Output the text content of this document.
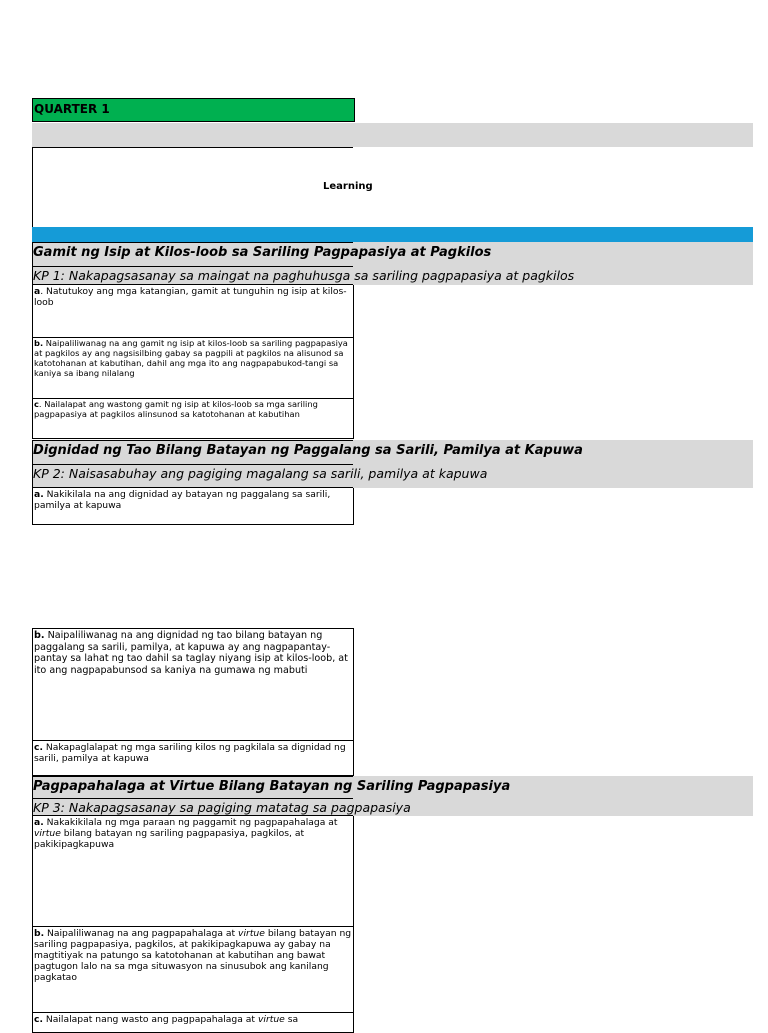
QUARTER 1
Learning
Gamit ng Isip at Kilos-loob sa Sariling Pagpapasiya at Pagkilos
KP 1: Nakapagsasanay sa maingat na paghuhusga sa sariling pagpapasiya at pagkilos
a. Natutukoy ang mga katangian, gamit at tunguhin ng isip at kilos-loob
b. Naipaliliwanag na ang gamit ng isip at kilos-loob sa sariling pagpapasiya at pagkilos ay ang nagsisilbing gabay sa pagpili at pagkilos na alisunod sa katotohanan at kabutihan, dahil ang mga ito ang nagpapabukod-tangi sa kaniya sa ibang nilalang
c. Nailalapat ang wastong gamit ng isip at kilos-loob sa mga sariling pagpapasiya at pagkilos alinsunod sa katotohanan at kabutihan
Dignidad ng Tao Bilang Batayan ng Paggalang sa Sarili, Pamilya at Kapuwa
KP 2: Naisasabuhay ang pagiging magalang sa sarili, pamilya at kapuwa
a. Nakikilala na ang dignidad ay batayan ng paggalang sa sarili, pamilya at kapuwa
b. Naipaliliwanag na ang dignidad ng tao bilang batayan ng paggalang sa sarili, pamilya, at kapuwa ay ang nagpapantay-pantay sa lahat ng tao dahil sa taglay niyang isip at kilos-loob, at ito ang nagpapabunsod sa kaniya na gumawa ng mabuti
c. Nakapaglalapat ng mga sariling kilos ng pagkilala sa dignidad ng sarili, pamilya at kapuwa
Pagpapahalaga at Virtue Bilang Batayan ng Sariling Pagpapasiya
KP 3: Nakapagsasanay sa pagiging matatag sa pagpapasiya
a. Nakakikilala ng mga paraan ng paggamit ng pagpapahalaga at virtue bilang batayan ng sariling pagpapasiya, pagkilos, at pakikipagkapuwa
b. Naipaliliwanag na ang pagpapahalaga at virtue bilang batayan ng sariling pagpapasiya, pagkilos, at pakikipagkapuwa ay gabay na magtitiyak na patungo sa katotohanan at kabutihan ang bawat pagtugon lalo na sa mga situwasyon na sinusubok ang kanilang pagkatao
c. Nailalapat nang wasto ang pagpapahalaga at virtue sa
